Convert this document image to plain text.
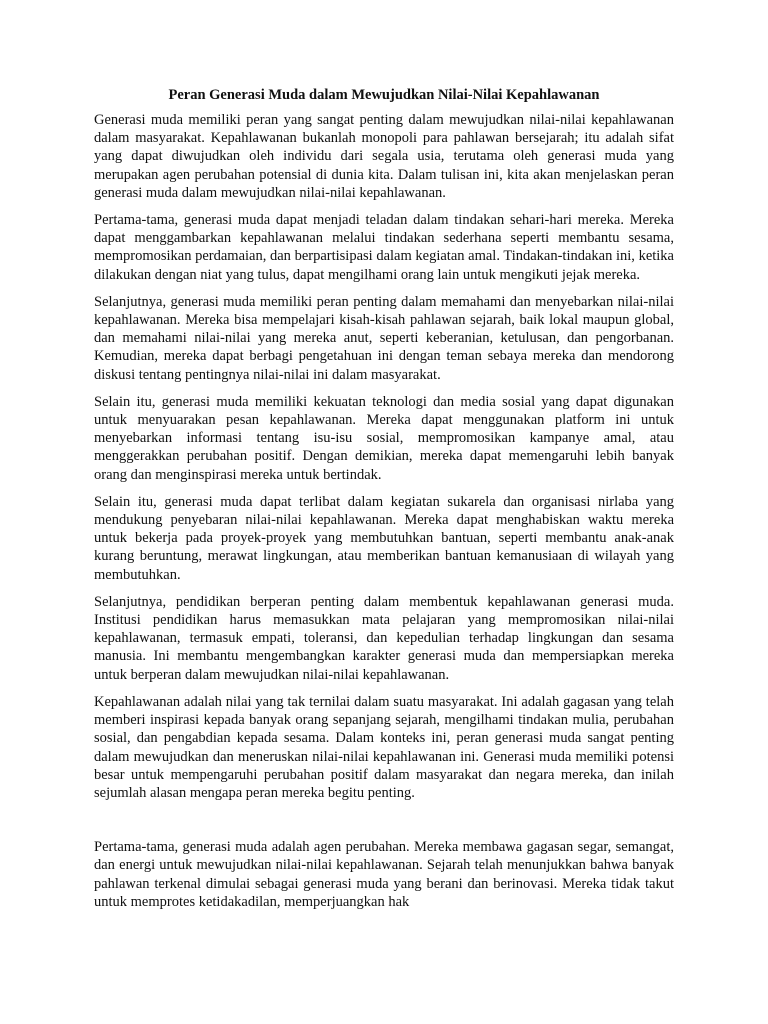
Peran Generasi Muda dalam Mewujudkan Nilai-Nilai Kepahlawanan

Generasi muda memiliki peran yang sangat penting dalam mewujudkan nilai-nilai kepahlawanan dalam masyarakat. Kepahlawanan bukanlah monopoli para pahlawan bersejarah; itu adalah sifat yang dapat diwujudkan oleh individu dari segala usia, terutama oleh generasi muda yang merupakan agen perubahan potensial di dunia kita. Dalam tulisan ini, kita akan menjelaskan peran generasi muda dalam mewujudkan nilai-nilai kepahlawanan.

Pertama-tama, generasi muda dapat menjadi teladan dalam tindakan sehari-hari mereka. Mereka dapat menggambarkan kepahlawanan melalui tindakan sederhana seperti membantu sesama, mempromosikan perdamaian, dan berpartisipasi dalam kegiatan amal. Tindakan-tindakan ini, ketika dilakukan dengan niat yang tulus, dapat mengilhami orang lain untuk mengikuti jejak mereka.

Selanjutnya, generasi muda memiliki peran penting dalam memahami dan menyebarkan nilai-nilai kepahlawanan. Mereka bisa mempelajari kisah-kisah pahlawan sejarah, baik lokal maupun global, dan memahami nilai-nilai yang mereka anut, seperti keberanian, ketulusan, dan pengorbanan. Kemudian, mereka dapat berbagi pengetahuan ini dengan teman sebaya mereka dan mendorong diskusi tentang pentingnya nilai-nilai ini dalam masyarakat.

Selain itu, generasi muda memiliki kekuatan teknologi dan media sosial yang dapat digunakan untuk menyuarakan pesan kepahlawanan. Mereka dapat menggunakan platform ini untuk menyebarkan informasi tentang isu-isu sosial, mempromosikan kampanye amal, atau menggerakkan perubahan positif. Dengan demikian, mereka dapat memengaruhi lebih banyak orang dan menginspirasi mereka untuk bertindak.

Selain itu, generasi muda dapat terlibat dalam kegiatan sukarela dan organisasi nirlaba yang mendukung penyebaran nilai-nilai kepahlawanan. Mereka dapat menghabiskan waktu mereka untuk bekerja pada proyek-proyek yang membutuhkan bantuan, seperti membantu anak-anak kurang beruntung, merawat lingkungan, atau memberikan bantuan kemanusiaan di wilayah yang membutuhkan.

Selanjutnya, pendidikan berperan penting dalam membentuk kepahlawanan generasi muda. Institusi pendidikan harus memasukkan mata pelajaran yang mempromosikan nilai-nilai kepahlawanan, termasuk empati, toleransi, dan kepedulian terhadap lingkungan dan sesama manusia. Ini membantu mengembangkan karakter generasi muda dan mempersiapkan mereka untuk berperan dalam mewujudkan nilai-nilai kepahlawanan.

Kepahlawanan adalah nilai yang tak ternilai dalam suatu masyarakat. Ini adalah gagasan yang telah memberi inspirasi kepada banyak orang sepanjang sejarah, mengilhami tindakan mulia, perubahan sosial, dan pengabdian kepada sesama. Dalam konteks ini, peran generasi muda sangat penting dalam mewujudkan dan meneruskan nilai-nilai kepahlawanan ini. Generasi muda memiliki potensi besar untuk mempengaruhi perubahan positif dalam masyarakat dan negara mereka, dan inilah sejumlah alasan mengapa peran mereka begitu penting.

Pertama-tama, generasi muda adalah agen perubahan. Mereka membawa gagasan segar, semangat, dan energi untuk mewujudkan nilai-nilai kepahlawanan. Sejarah telah menunjukkan bahwa banyak pahlawan terkenal dimulai sebagai generasi muda yang berani dan berinovasi. Mereka tidak takut untuk memprotes ketidakadilan, memperjuangkan hak
